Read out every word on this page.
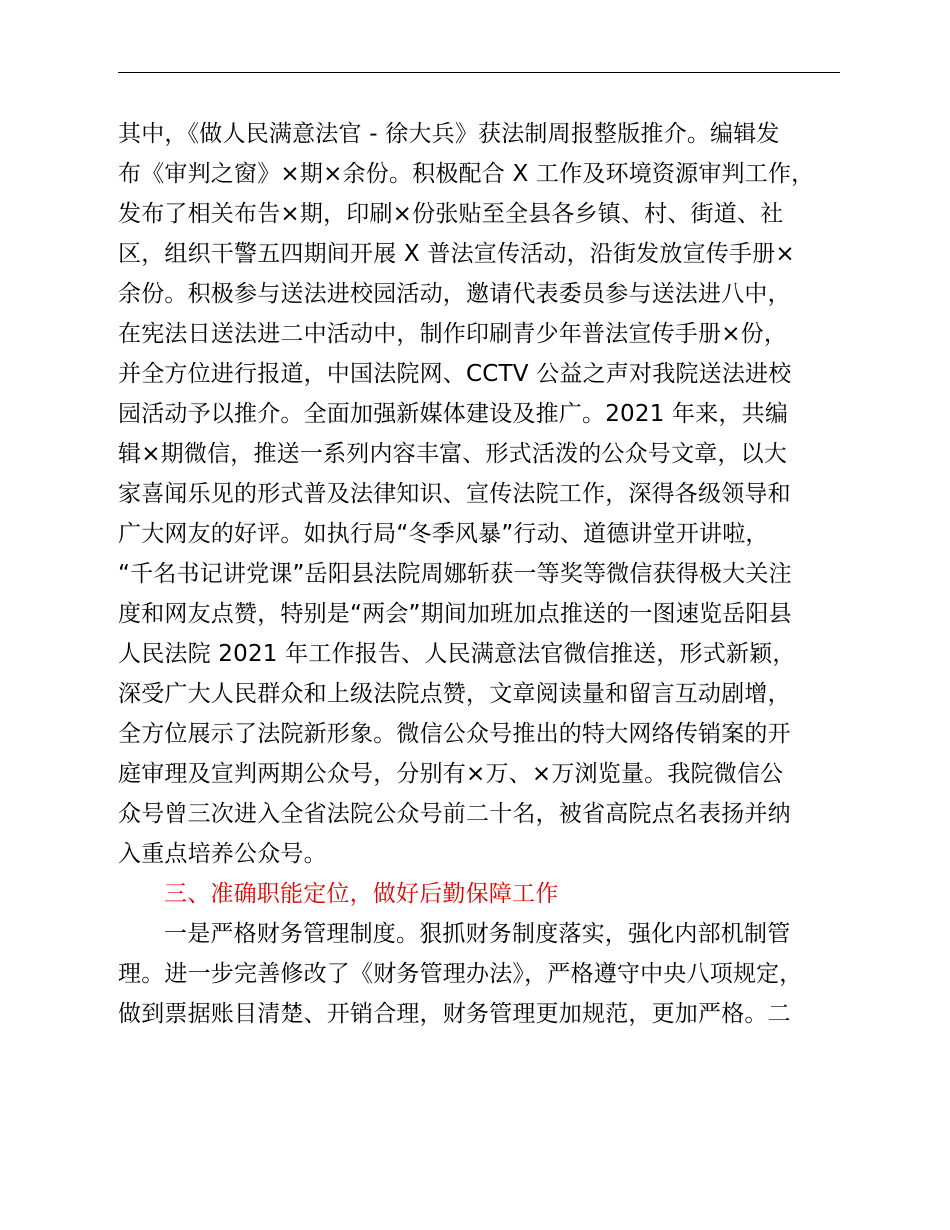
其中，《做人民满意法官 - 徐大兵》获法制周报整版推介。编辑发
布《审判之窗》×期×余份。积极配合 X 工作及环境资源审判工作，
发布了相关布告×期，印刷×份张贴至全县各乡镇、村、街道、社
区，组织干警五四期间开展 X 普法宣传活动，沿街发放宣传手册×
余份。积极参与送法进校园活动，邀请代表委员参与送法进八中，
在宪法日送法进二中活动中，制作印刷青少年普法宣传手册×份，
并全方位进行报道，中国法院网、CCTV 公益之声对我院送法进校
园活动予以推介。全面加强新媒体建设及推广。2021 年来，共编
辑×期微信，推送一系列内容丰富、形式活泼的公众号文章，以大
家喜闻乐见的形式普及法律知识、宣传法院工作，深得各级领导和
广大网友的好评。如执行局“冬季风暴”行动、道德讲堂开讲啦，
“千名书记讲党课”岳阳县法院周娜斩获一等奖等微信获得极大关注
度和网友点赞，特别是“两会”期间加班加点推送的一图速览岳阳县
人民法院 2021 年工作报告、人民满意法官微信推送，形式新颖，
深受广大人民群众和上级法院点赞，文章阅读量和留言互动剧增，
全方位展示了法院新形象。微信公众号推出的特大网络传销案的开
庭审理及宣判两期公众号，分别有×万、×万浏览量。我院微信公
众号曾三次进入全省法院公众号前二十名，被省高院点名表扬并纳
入重点培养公众号。
三、准确职能定位，做好后勤保障工作
一是严格财务管理制度。狠抓财务制度落实，强化内部机制管
理。进一步完善修改了《财务管理办法》，严格遵守中央八项规定，
做到票据账目清楚、开销合理，财务管理更加规范，更加严格。二
